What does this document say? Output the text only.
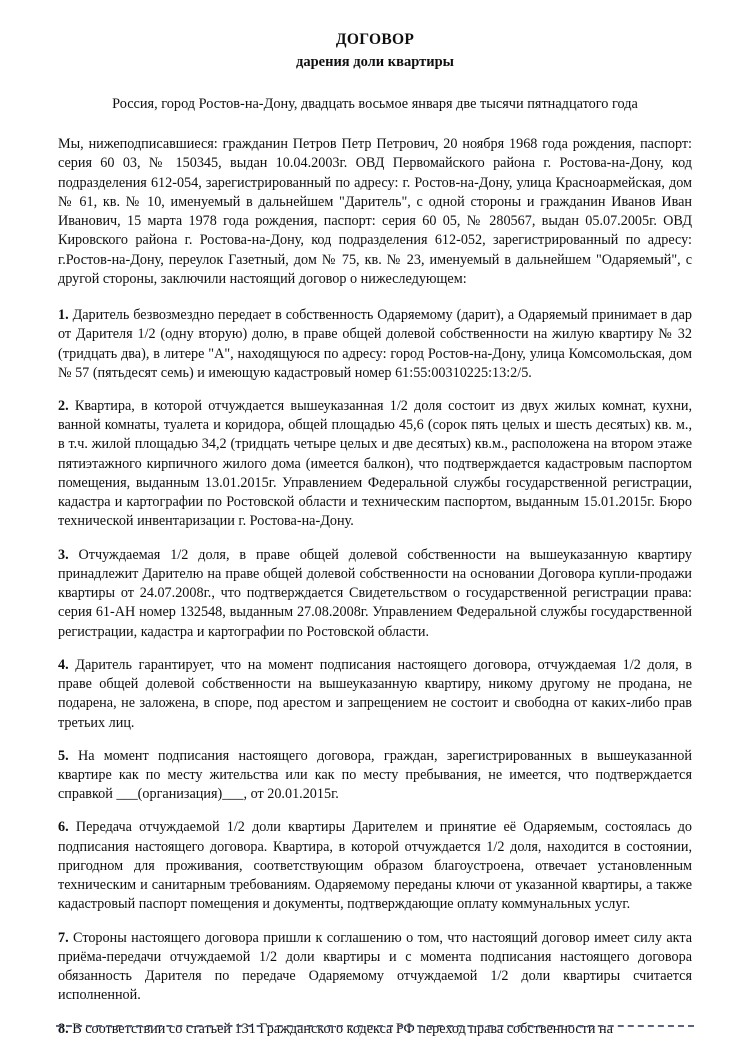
ДОГОВОР
дарения доли квартиры

Россия, город Ростов-на-Дону, двадцать восьмое января две тысячи пятнадцатого года

Мы, нижеподписавшиеся: гражданин Петров Петр Петрович, 20 ноября 1968 года рождения, паспорт: серия 60 03, № 150345, выдан 10.04.2003г. ОВД Первомайского района г. Ростова-на-Дону, код подразделения 612-054, зарегистрированный по адресу: г. Ростов-на-Дону, улица Красноармейская, дом № 61, кв. № 10, именуемый в дальнейшем "Даритель", с одной стороны и гражданин Иванов Иван Иванович, 15 марта 1978 года рождения, паспорт: серия 60 05, № 280567, выдан 05.07.2005г. ОВД Кировского района г. Ростова-на-Дону, код подразделения 612-052, зарегистрированный по адресу: г.Ростов-на-Дону, переулок Газетный, дом № 75, кв. № 23, именуемый в дальнейшем "Одаряемый", с другой стороны, заключили настоящий договор о нижеследующем:

1. Даритель безвозмездно передает в собственность Одаряемому (дарит), а Одаряемый принимает в дар от Дарителя 1/2 (одну вторую) долю, в праве общей долевой собственности на жилую квартиру № 32 (тридцать два), в литере "А", находящуюся по адресу: город Ростов-на-Дону, улица Комсомольская, дом № 57 (пятьдесят семь) и имеющую кадастровый номер 61:55:00310225:13:2/5.

2. Квартира, в которой отчуждается вышеуказанная 1/2 доля состоит из двух жилых комнат, кухни, ванной комнаты, туалета и коридора, общей площадью 45,6 (сорок пять целых и шесть десятых) кв. м., в т.ч. жилой площадью 34,2 (тридцать четыре целых и две десятых) кв.м., расположена на втором этаже пятиэтажного кирпичного жилого дома (имеется балкон), что подтверждается кадастровым паспортом помещения, выданным 13.01.2015г. Управлением Федеральной службы государственной регистрации, кадастра и картографии по Ростовской области и техническим паспортом, выданным 15.01.2015г. Бюро технической инвентаризации г. Ростова-на-Дону.

3. Отчуждаемая 1/2 доля, в праве общей долевой собственности на вышеуказанную квартиру принадлежит Дарителю на праве общей долевой собственности на основании Договора купли-продажи квартиры от 24.07.2008г., что подтверждается Свидетельством о государственной регистрации права: серия 61-АН номер 132548, выданным 27.08.2008г. Управлением Федеральной службы государственной регистрации, кадастра и картографии по Ростовской области.

4. Даритель гарантирует, что на момент подписания настоящего договора, отчуждаемая 1/2 доля, в праве общей долевой собственности на вышеуказанную квартиру, никому другому не продана, не подарена, не заложена, в споре, под арестом и запрещением не состоит и свободна от каких-либо прав третьих лиц.

5. На момент подписания настоящего договора, граждан, зарегистрированных в вышеуказанной квартире как по месту жительства или как по месту пребывания, не имеется, что подтверждается справкой ___(организация)___, от 20.01.2015г.

6. Передача отчуждаемой 1/2 доли квартиры Дарителем и принятие её Одаряемым, состоялась до подписания настоящего договора. Квартира, в которой отчуждается 1/2 доля, находится в состоянии, пригодном для проживания, соответствующим образом благоустроена, отвечает установленным техническим и санитарным требованиям. Одаряемому переданы ключи от указанной квартиры, а также кадастровый паспорт помещения и документы, подтверждающие оплату коммунальных услуг.

7. Стороны настоящего договора пришли к соглашению о том, что настоящий договор имеет силу акта приёма-передачи отчуждаемой 1/2 доли квартиры и с момента подписания настоящего договора обязанность Дарителя по передаче Одаряемому отчуждаемой 1/2 доли квартиры считается исполненной.

8. В соответствии со статьей 131 Гражданского кодекса РФ переход права собственности на
